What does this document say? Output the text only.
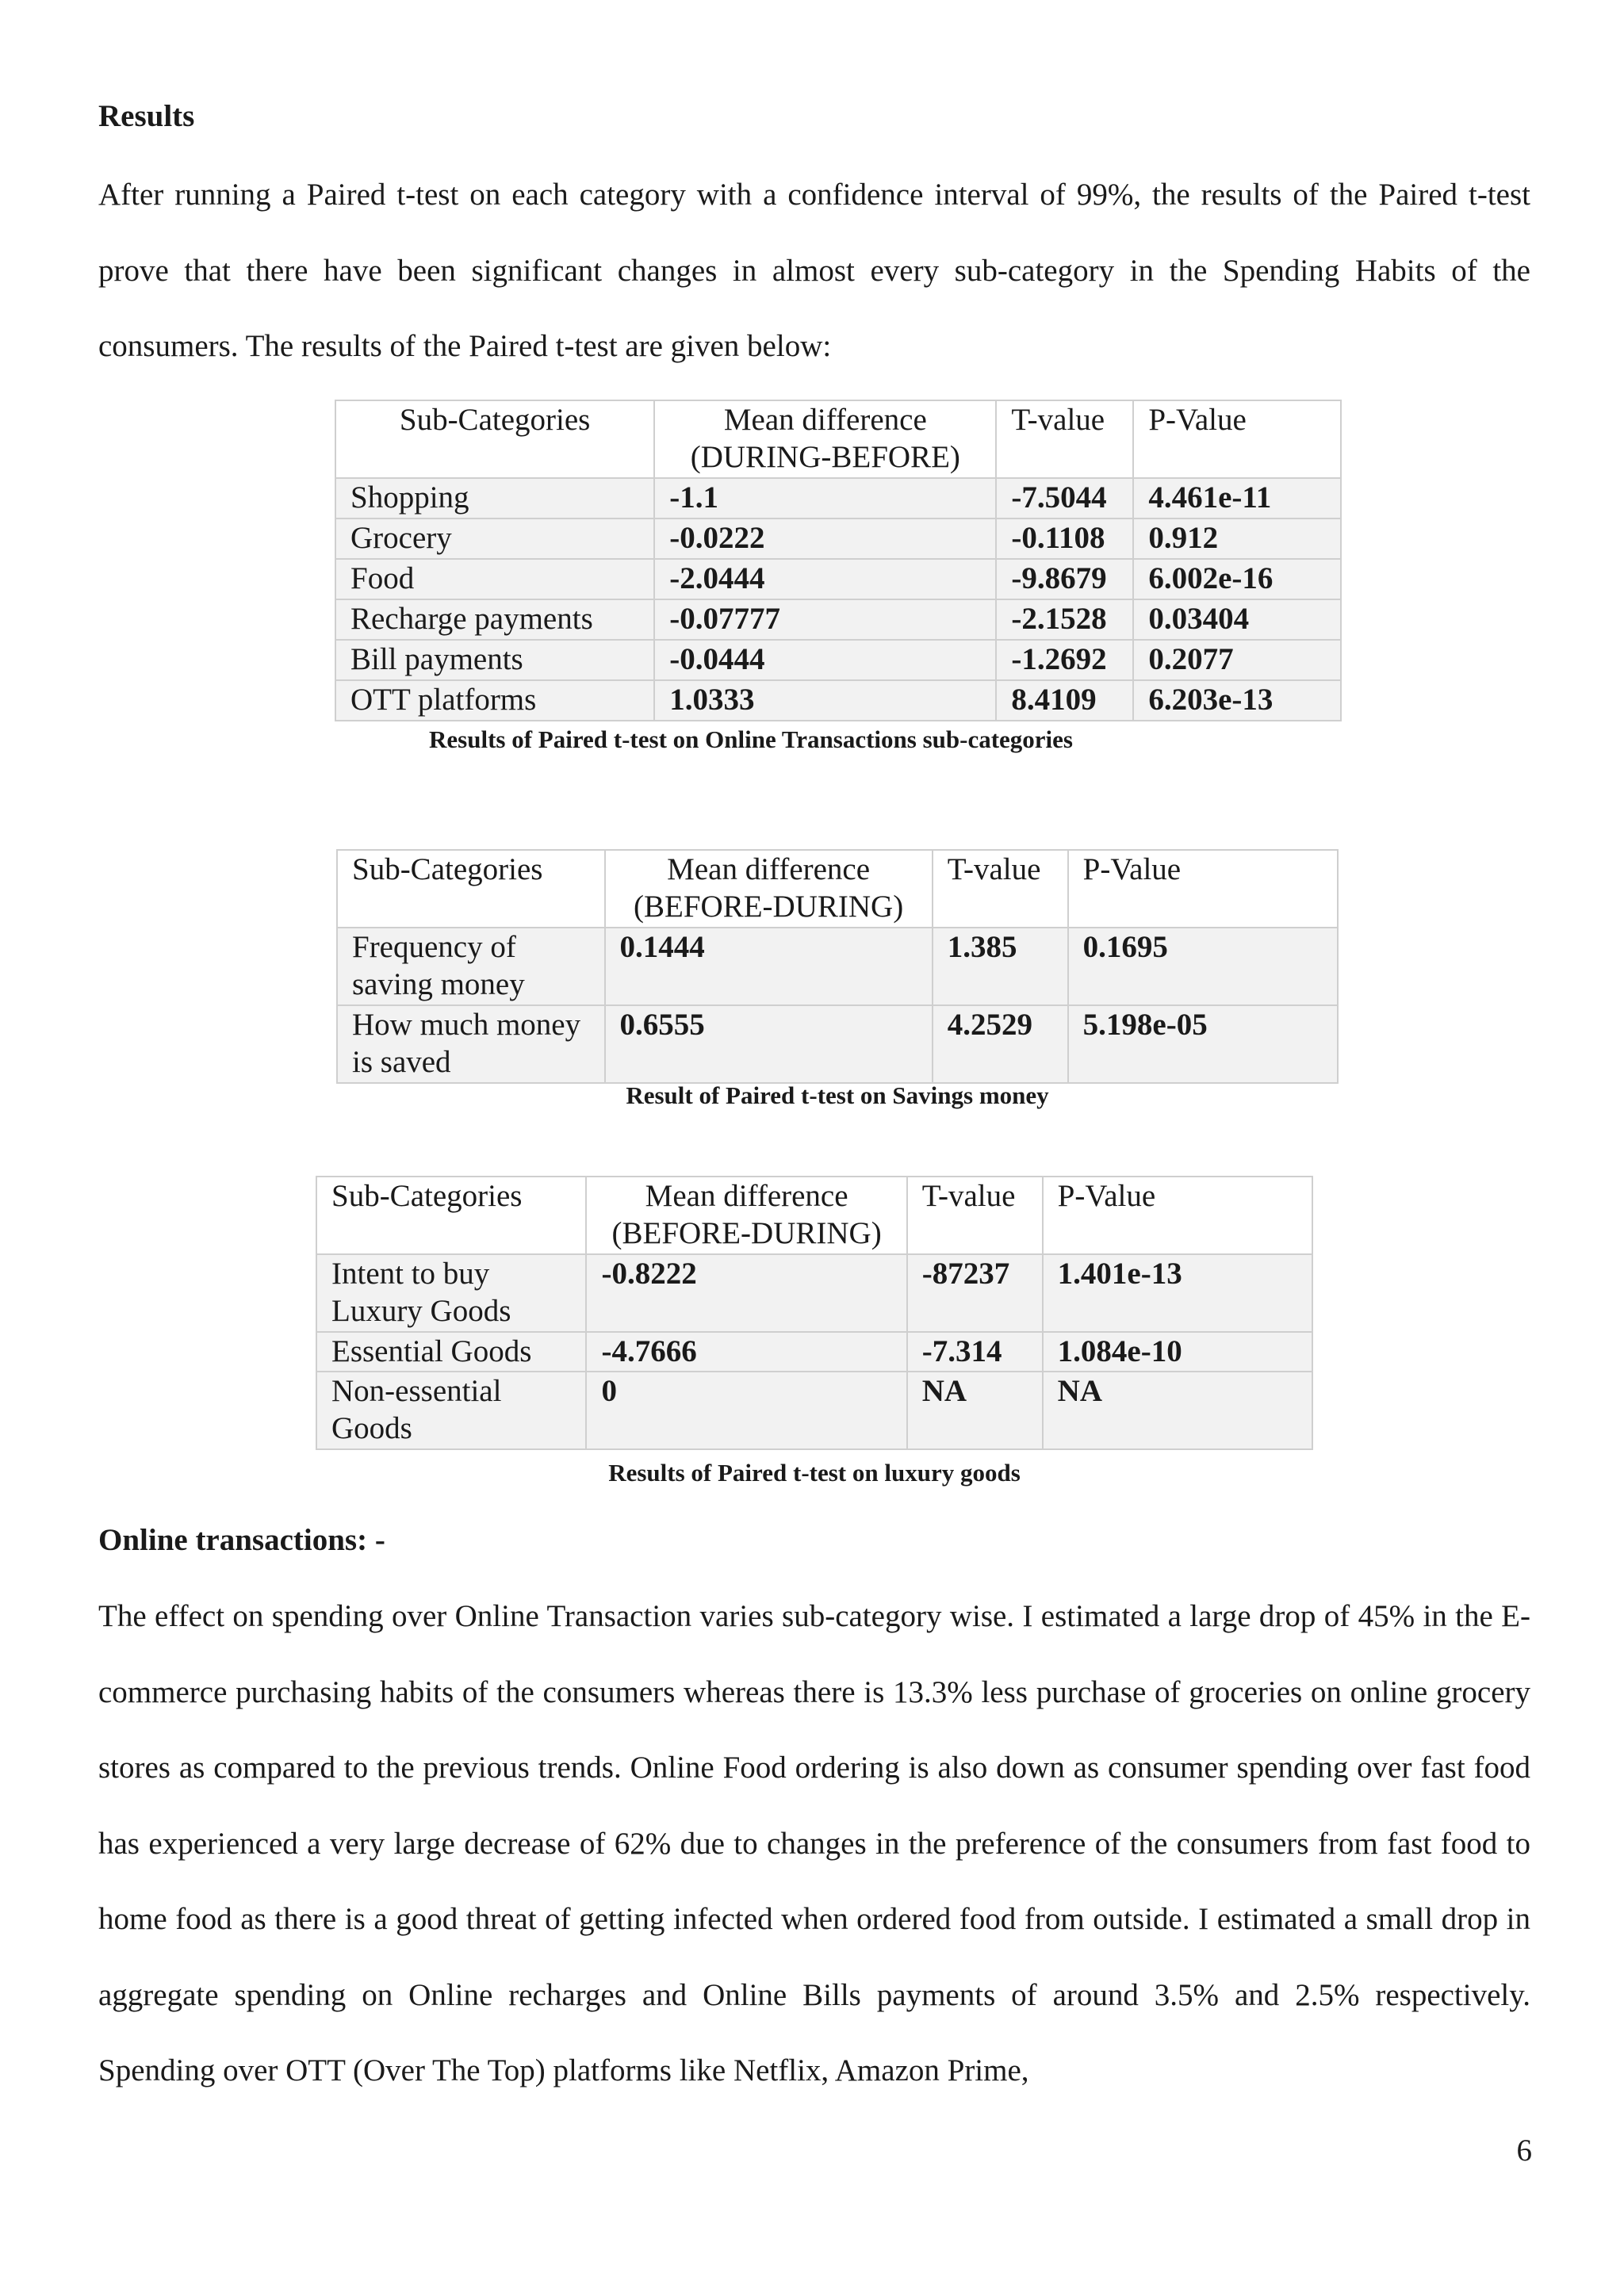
Results

After running a Paired t-test on each category with a confidence interval of 99%, the results of the Paired t-test prove that there have been significant changes in almost every sub-category in the Spending Habits of the consumers. The results of the Paired t-test are given below:

Sub-Categories	Mean difference (DURING-BEFORE)	T-value	P-Value
Shopping	-1.1	-7.5044	4.461e-11
Grocery	-0.0222	-0.1108	0.912
Food	-2.0444	-9.8679	6.002e-16
Recharge payments	-0.07777	-2.1528	0.03404
Bill payments	-0.0444	-1.2692	0.2077
OTT platforms	1.0333	8.4109	6.203e-13
Results of Paired t-test on Online Transactions sub-categories
Sub-Categories	Mean difference (BEFORE-DURING)	T-value	P-Value
Frequency of saving money	0.1444	1.385	0.1695
How much money is saved	0.6555	4.2529	5.198e-05
Result of Paired t-test on Savings money
Sub-Categories	Mean difference (BEFORE-DURING)	T-value	P-Value
Intent to buy Luxury Goods	-0.8222	-87237	1.401e-13
Essential Goods	-4.7666	-7.314	1.084e-10
Non-essential Goods	0	NA	NA
Results of Paired t-test on luxury goods
Online transactions: -

The effect on spending over Online Transaction varies sub-category wise. I estimated a large drop of 45% in the E-commerce purchasing habits of the consumers whereas there is 13.3% less purchase of groceries on online grocery stores as compared to the previous trends. Online Food ordering is also down as consumer spending over fast food has experienced a very large decrease of 62% due to changes in the preference of the consumers from fast food to home food as there is a good threat of getting infected when ordered food from outside. I estimated a small drop in aggregate spending on Online recharges and Online Bills payments of around 3.5% and 2.5% respectively. Spending over OTT (Over The Top) platforms like Netflix, Amazon Prime,

6
